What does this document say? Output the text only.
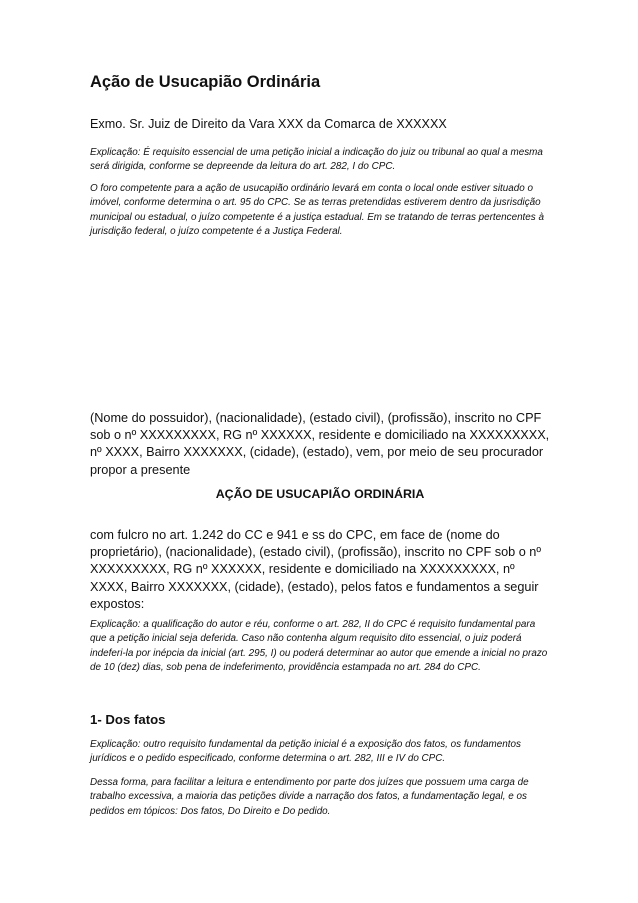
Ação de Usucapião Ordinária
Exmo. Sr. Juiz de Direito da Vara XXX da Comarca de XXXXXX

Explicação: É requisito essencial de uma petição inicial a indicação do juiz ou tribunal ao qual a mesma será dirigida, conforme se depreende da leitura do art. 282, I do CPC.

O foro competente para a ação de usucapião ordinário levará em conta o local onde estiver situado o imóvel, conforme determina o art. 95 do CPC. Se as terras pretendidas estiverem dentro da jusrisdição municipal ou estadual, o juízo competente é a justiça estadual. Em se tratando de terras pertencentes à jurisdição federal, o juízo competente é a Justiça Federal.

(Nome do possuidor), (nacionalidade), (estado civil), (profissão), inscrito no CPF sob o nº XXXXXXXXX, RG nº XXXXXX, residente e domiciliado na XXXXXXXXX, nº XXXX, Bairro XXXXXXX, (cidade), (estado), vem, por meio de seu procurador propor a presente

AÇÃO DE USUCAPIÃO ORDINÁRIA

com fulcro no art. 1.242 do CC e 941 e ss do CPC, em face de (nome do proprietário), (nacionalidade), (estado civil), (profissão), inscrito no CPF sob o nº XXXXXXXXX, RG nº XXXXXX, residente e domiciliado na XXXXXXXXX, nº XXXX, Bairro XXXXXXX, (cidade), (estado), pelos fatos e fundamentos a seguir expostos:

Explicação: a qualificação do autor e réu, conforme o art. 282, II do CPC é requisito fundamental para que a petição inicial seja deferida. Caso não contenha algum requisito dito essencial, o juiz poderá indeferi-la por inépcia da inicial (art. 295, I) ou poderá determinar ao autor que emende a inicial no prazo de 10 (dez) dias, sob pena de indeferimento, providência estampada no art. 284 do CPC.

1- Dos fatos

Explicação: outro requisito fundamental da petição inicial é a exposição dos fatos, os fundamentos jurídicos e o pedido especificado, conforme determina o art. 282, III e IV do CPC.

Dessa forma, para facilitar a leitura e entendimento por parte dos juízes que possuem uma carga de trabalho excessiva, a maioria das petições divide a narração dos fatos, a fundamentação legal, e os pedidos em tópicos: Dos fatos, Do Direito e Do pedido.
